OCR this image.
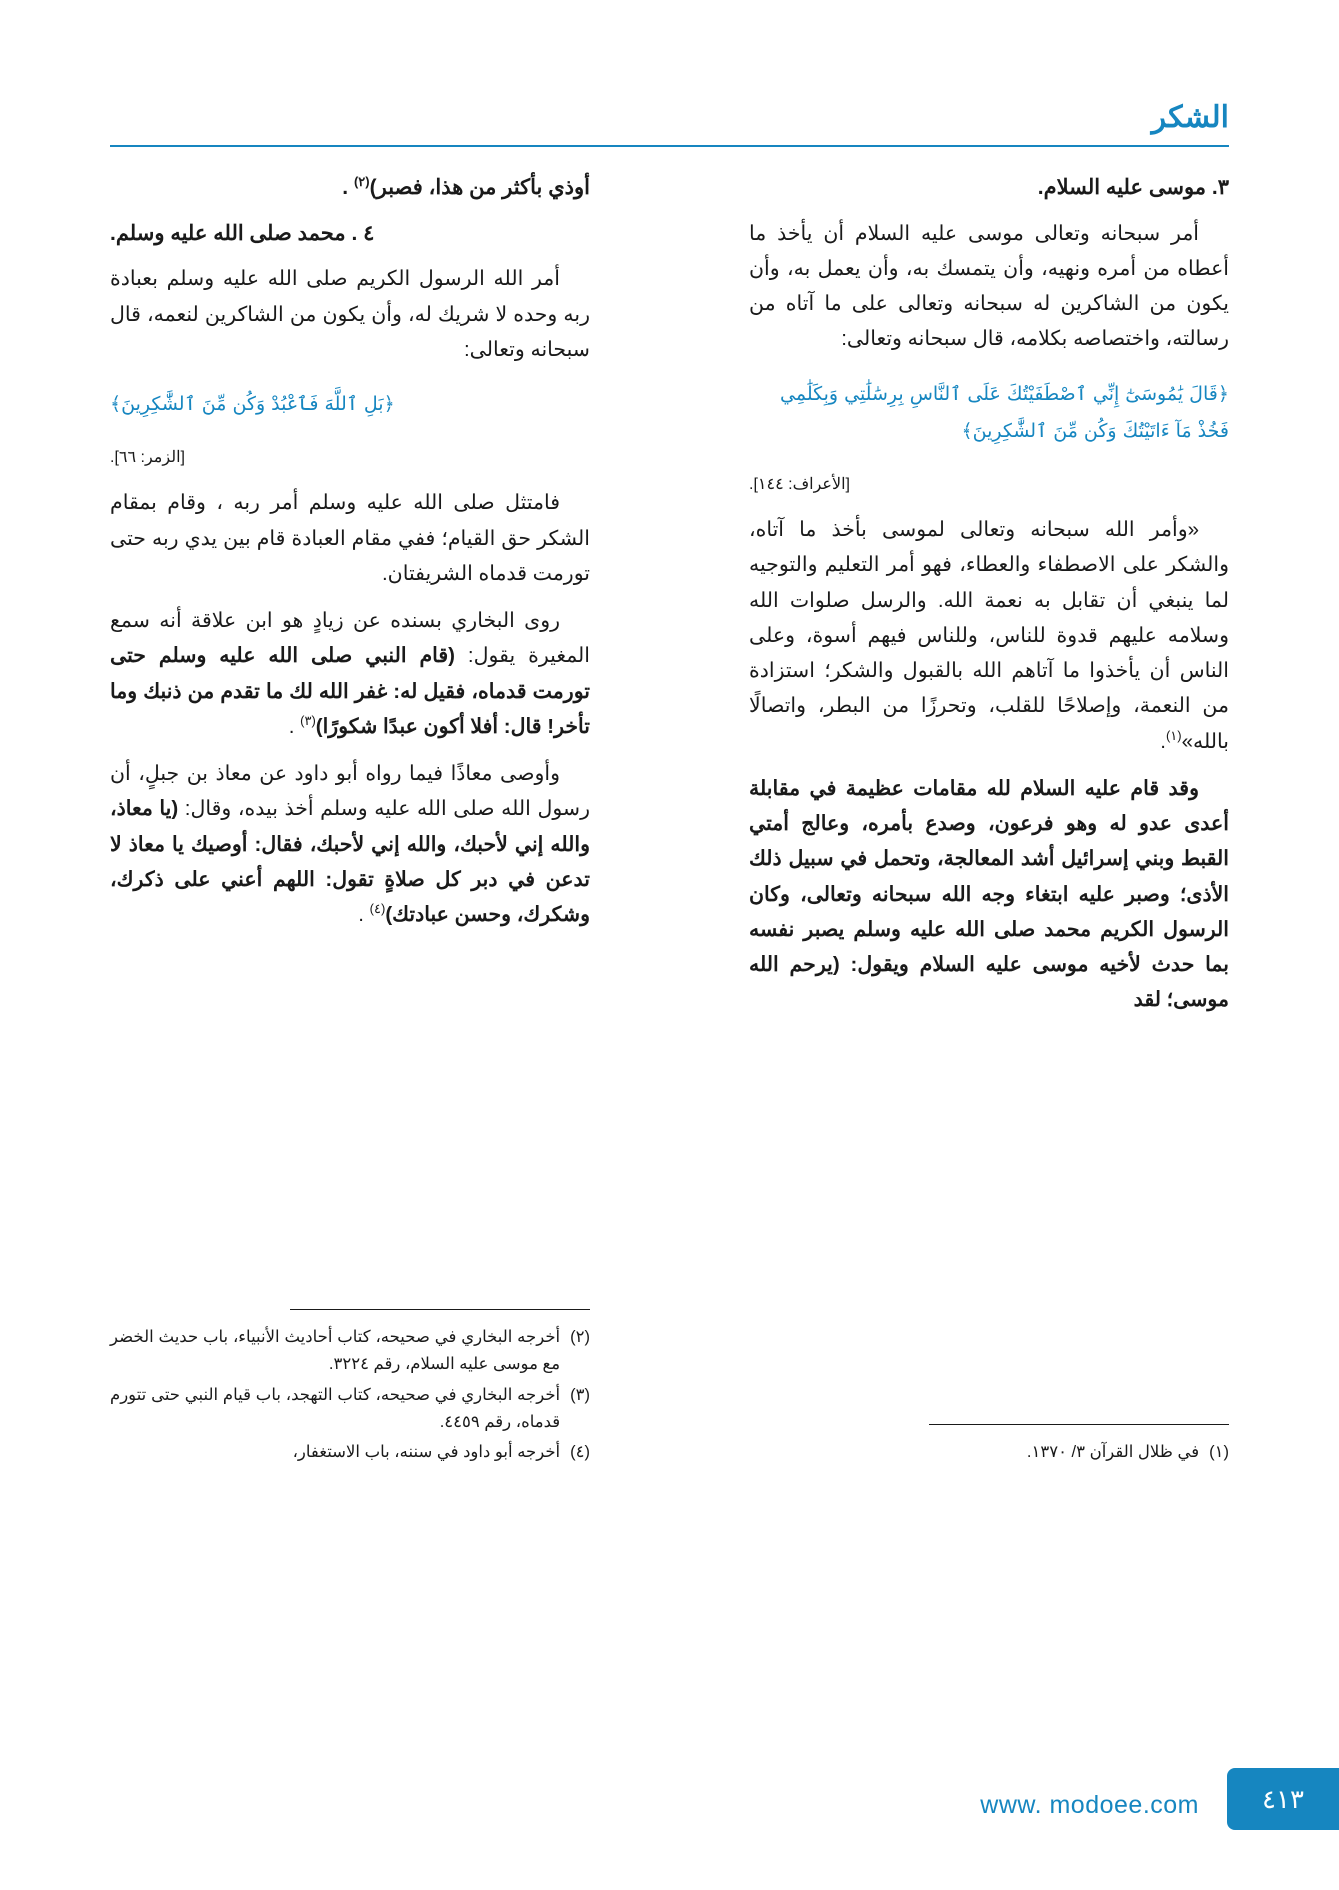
الشكر

٣. موسى عليه السلام.

أمر سبحانه وتعالى موسى عليه السلام أن يأخذ ما أعطاه من أمره ونهيه، وأن يتمسك به، وأن يعمل به، وأن يكون من الشاكرين له سبحانه وتعالى على ما آتاه من رسالته، واختصاصه بكلامه، قال سبحانه وتعالى:

﴿قَالَ يَٰمُوسَىٰٓ إِنِّي ٱصْطَفَيْتُكَ عَلَى ٱلنَّاسِ بِرِسَٰلَٰتِي وَبِكَلَٰمِي فَخُذْ مَآ ءَاتَيْتُكَ وَكُن مِّنَ ٱلشَّٰكِرِينَ﴾

[الأعراف: ١٤٤].

«وأمر الله سبحانه وتعالى لموسى بأخذ ما آتاه، والشكر على الاصطفاء والعطاء، فهو أمر التعليم والتوجيه لما ينبغي أن تقابل به نعمة الله. والرسل صلوات الله وسلامه عليهم قدوة للناس، وللناس فيهم أسوة، وعلى الناس أن يأخذوا ما آتاهم الله بالقبول والشكر؛ استزادة من النعمة، وإصلاحًا للقلب، وتحرزًا من البطر، واتصالًا بالله»$^{(١)}$.

وقد قام عليه السلام لله مقامات عظيمة في مقابلة أعدى عدو له وهو فرعون، وصدع بأمره، وعالج أمتي القبط وبني إسرائيل أشد المعالجة، وتحمل في سبيل ذلك الأذى؛ وصبر عليه ابتغاء وجه الله سبحانه وتعالى، وكان الرسول الكريم محمد صلى الله عليه وسلم يصبر نفسه بما حدث لأخيه موسى عليه السلام ويقول: (يرحم الله موسى؛ لقد

(١)
في ظلال القرآن ٣/ ١٣٧٠.

أوذي بأكثر من هذا، فصبر)$^{(٢)}$ .

٤ . محمد صلى الله عليه وسلم.

أمر الله الرسول الكريم صلى الله عليه وسلم بعبادة ربه وحده لا شريك له، وأن يكون من الشاكرين لنعمه، قال سبحانه وتعالى:

﴿بَلِ ٱللَّهَ فَٱعْبُدْ وَكُن مِّنَ ٱلشَّٰكِرِينَ﴾

[الزمر: ٦٦].

فامتثل صلى الله عليه وسلم أمر ربه ، وقام بمقام الشكر حق القيام؛ ففي مقام العبادة قام بين يدي ربه حتى تورمت قدماه الشريفتان.

روى البخاري بسنده عن زيادٍ هو ابن علاقة أنه سمع المغيرة يقول: (قام النبي صلى الله عليه وسلم حتى تورمت قدماه، فقيل له: غفر الله لك ما تقدم من ذنبك وما تأخر! قال: أفلا أكون عبدًا شكورًا)$^{(٣)}$ .

وأوصى معاذًا فيما رواه أبو داود عن معاذ بن جبلٍ، أن رسول الله صلى الله عليه وسلم أخذ بيده، وقال: (يا معاذ، والله إني لأحبك، والله إني لأحبك، فقال: أوصيك يا معاذ لا تدعن في دبر كل صلاةٍ تقول: اللهم أعني على ذكرك، وشكرك، وحسن عبادتك)$^{(٤)}$ .

(٢)
أخرجه البخاري في صحيحه، كتاب أحاديث الأنبياء، باب حديث الخضر مع موسى عليه السلام، رقم ٣٢٢٤.
(٣)
أخرجه البخاري في صحيحه، كتاب التهجد، باب قيام النبي حتى تتورم قدماه، رقم ٤٤٥٩.
(٤)
أخرجه أبو داود في سننه، باب الاستغفار،
٤١٣
www. modoee.com
